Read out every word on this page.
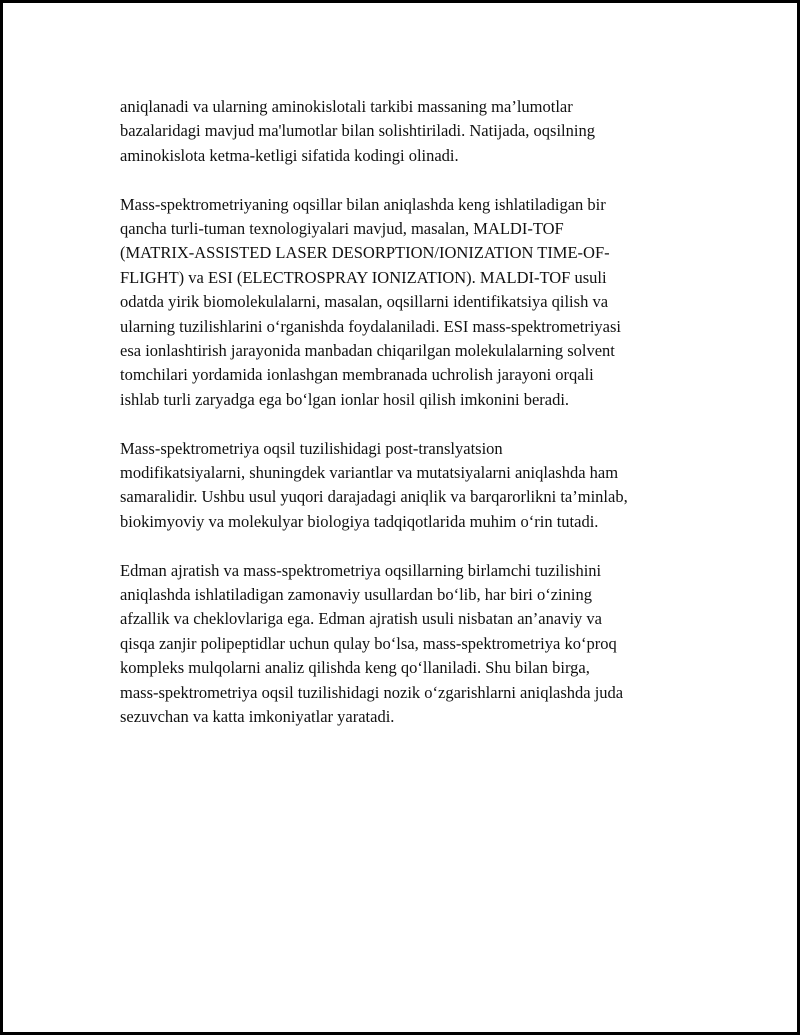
aniqlanadi va ularning aminokislotali tarkibi massaning ma’lumotlar
bazalaridagi mavjud ma'lumotlar bilan solishtiriladi. Natijada, oqsilning
aminokislota ketma-ketligi sifatida kodingi olinadi.

Mass-spektrometriyaning oqsillar bilan aniqlashda keng ishlatiladigan bir
qancha turli-tuman texnologiyalari mavjud, masalan, MALDI-TOF
(MATRIX-ASSISTED LASER DESORPTION/IONIZATION TIME-OF-
FLIGHT) va ESI (ELECTROSPRAY IONIZATION). MALDI-TOF usuli
odatda yirik biomolekulalarni, masalan, oqsillarni identifikatsiya qilish va
ularning tuzilishlarini o‘rganishda foydalaniladi. ESI mass-spektrometriyasi
esa ionlashtirish jarayonida manbadan chiqarilgan molekulalarning solvent
tomchilari yordamida ionlashgan membranada uchrolish jarayoni orqali
ishlab turli zaryadga ega bo‘lgan ionlar hosil qilish imkonini beradi.

Mass-spektrometriya oqsil tuzilishidagi post-translyatsion
modifikatsiyalarni, shuningdek variantlar va mutatsiyalarni aniqlashda ham
samaralidir. Ushbu usul yuqori darajadagi aniqlik va barqarorlikni ta’minlab,
biokimyoviy va molekulyar biologiya tadqiqotlarida muhim o‘rin tutadi.

Edman ajratish va mass-spektrometriya oqsillarning birlamchi tuzilishini
aniqlashda ishlatiladigan zamonaviy usullardan bo‘lib, har biri o‘zining
afzallik va cheklovlariga ega. Edman ajratish usuli nisbatan an’anaviy va
qisqa zanjir polipeptidlar uchun qulay bo‘lsa, mass-spektrometriya ko‘proq
kompleks mulqolarni analiz qilishda keng qo‘llaniladi. Shu bilan birga,
mass-spektrometriya oqsil tuzilishidagi nozik o‘zgarishlarni aniqlashda juda
sezuvchan va katta imkoniyatlar yaratadi.
